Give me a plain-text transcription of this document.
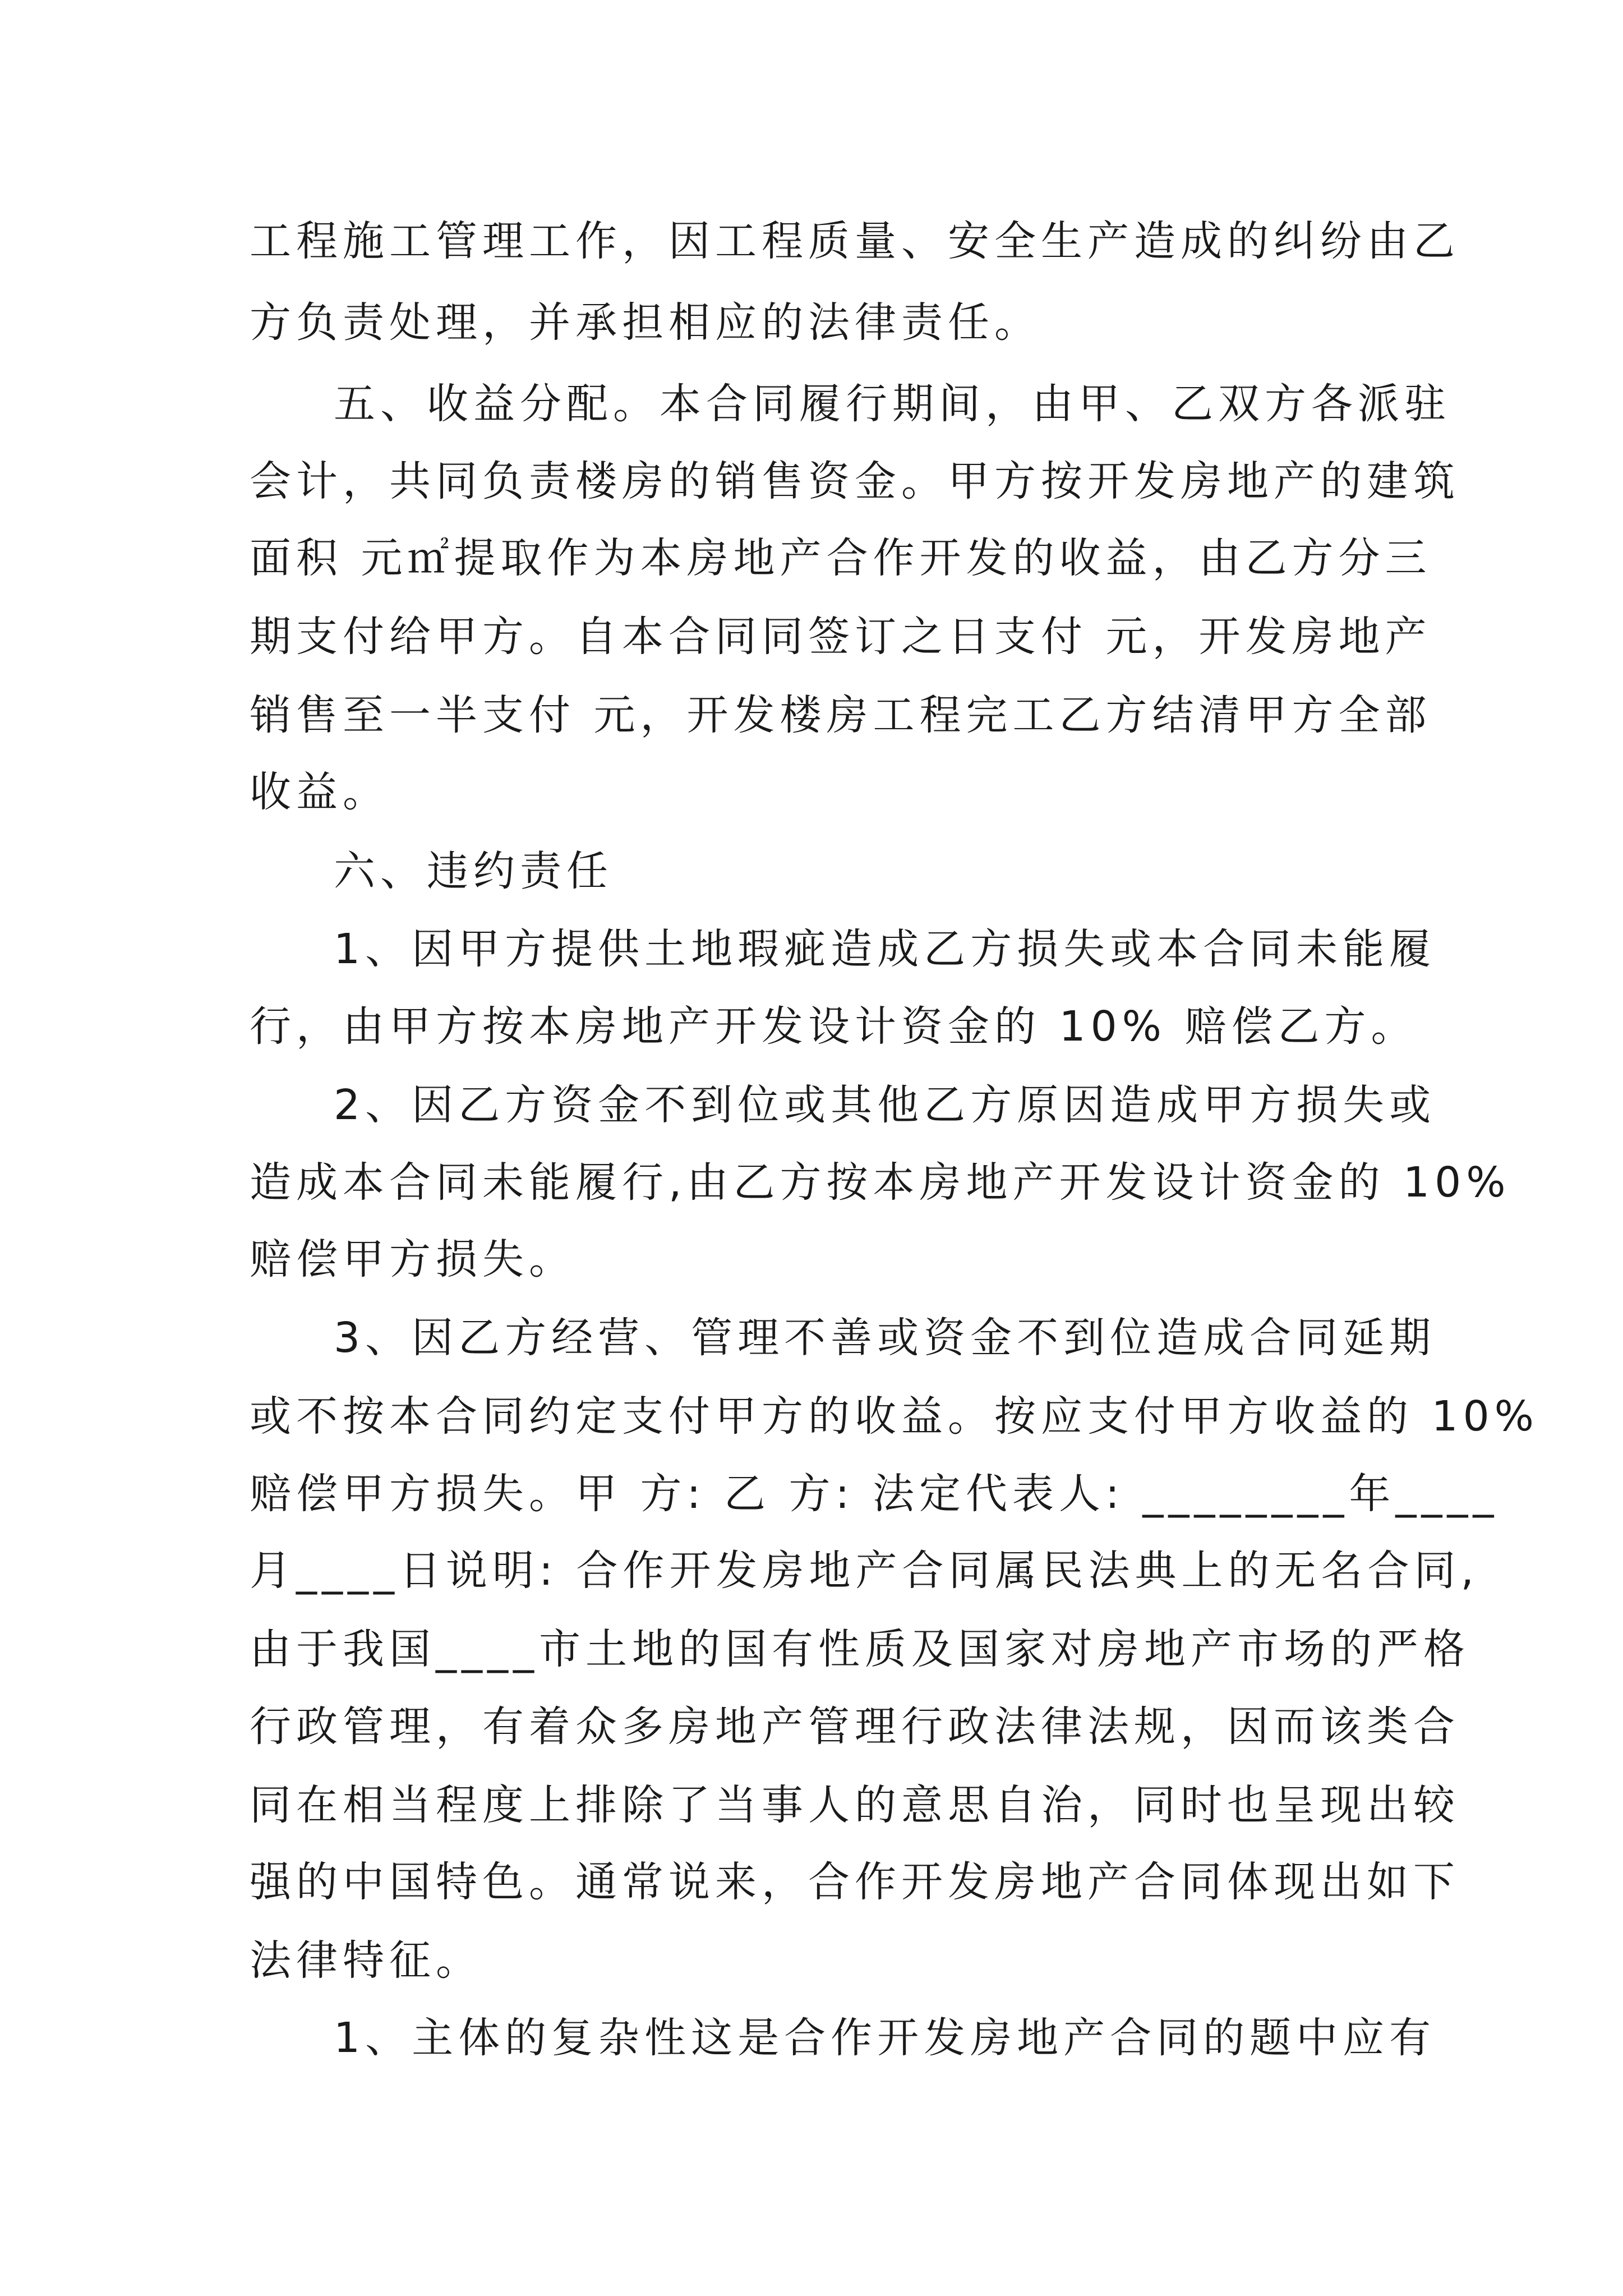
工程施工管理工作，因工程质量、安全生产造成的纠纷由乙
方负责处理，并承担相应的法律责任。
五、收益分配。本合同履行期间，由甲、乙双方各派驻
会计，共同负责楼房的销售资金。甲方按开发房地产的建筑
面积 元㎡提取作为本房地产合作开发的收益，由乙方分三
期支付给甲方。自本合同同签订之日支付 元，开发房地产
销售至一半支付 元，开发楼房工程完工乙方结清甲方全部
收益。
六、违约责任
1、因甲方提供土地瑕疵造成乙方损失或本合同未能履
行，由甲方按本房地产开发设计资金的 10% 赔偿乙方。
2、因乙方资金不到位或其他乙方原因造成甲方损失或
造成本合同未能履行,由乙方按本房地产开发设计资金的 10%
赔偿甲方损失。
3、因乙方经营、管理不善或资金不到位造成合同延期
或不按本合同约定支付甲方的收益。按应支付甲方收益的 10%
赔偿甲方损失。甲 方: 乙 方: 法定代表人: ________年____
月____日说明: 合作开发房地产合同属民法典上的无名合同,
由于我国____市土地的国有性质及国家对房地产市场的严格
行政管理，有着众多房地产管理行政法律法规，因而该类合
同在相当程度上排除了当事人的意思自治，同时也呈现出较
强的中国特色。通常说来，合作开发房地产合同体现出如下
法律特征。
1、主体的复杂性这是合作开发房地产合同的题中应有
